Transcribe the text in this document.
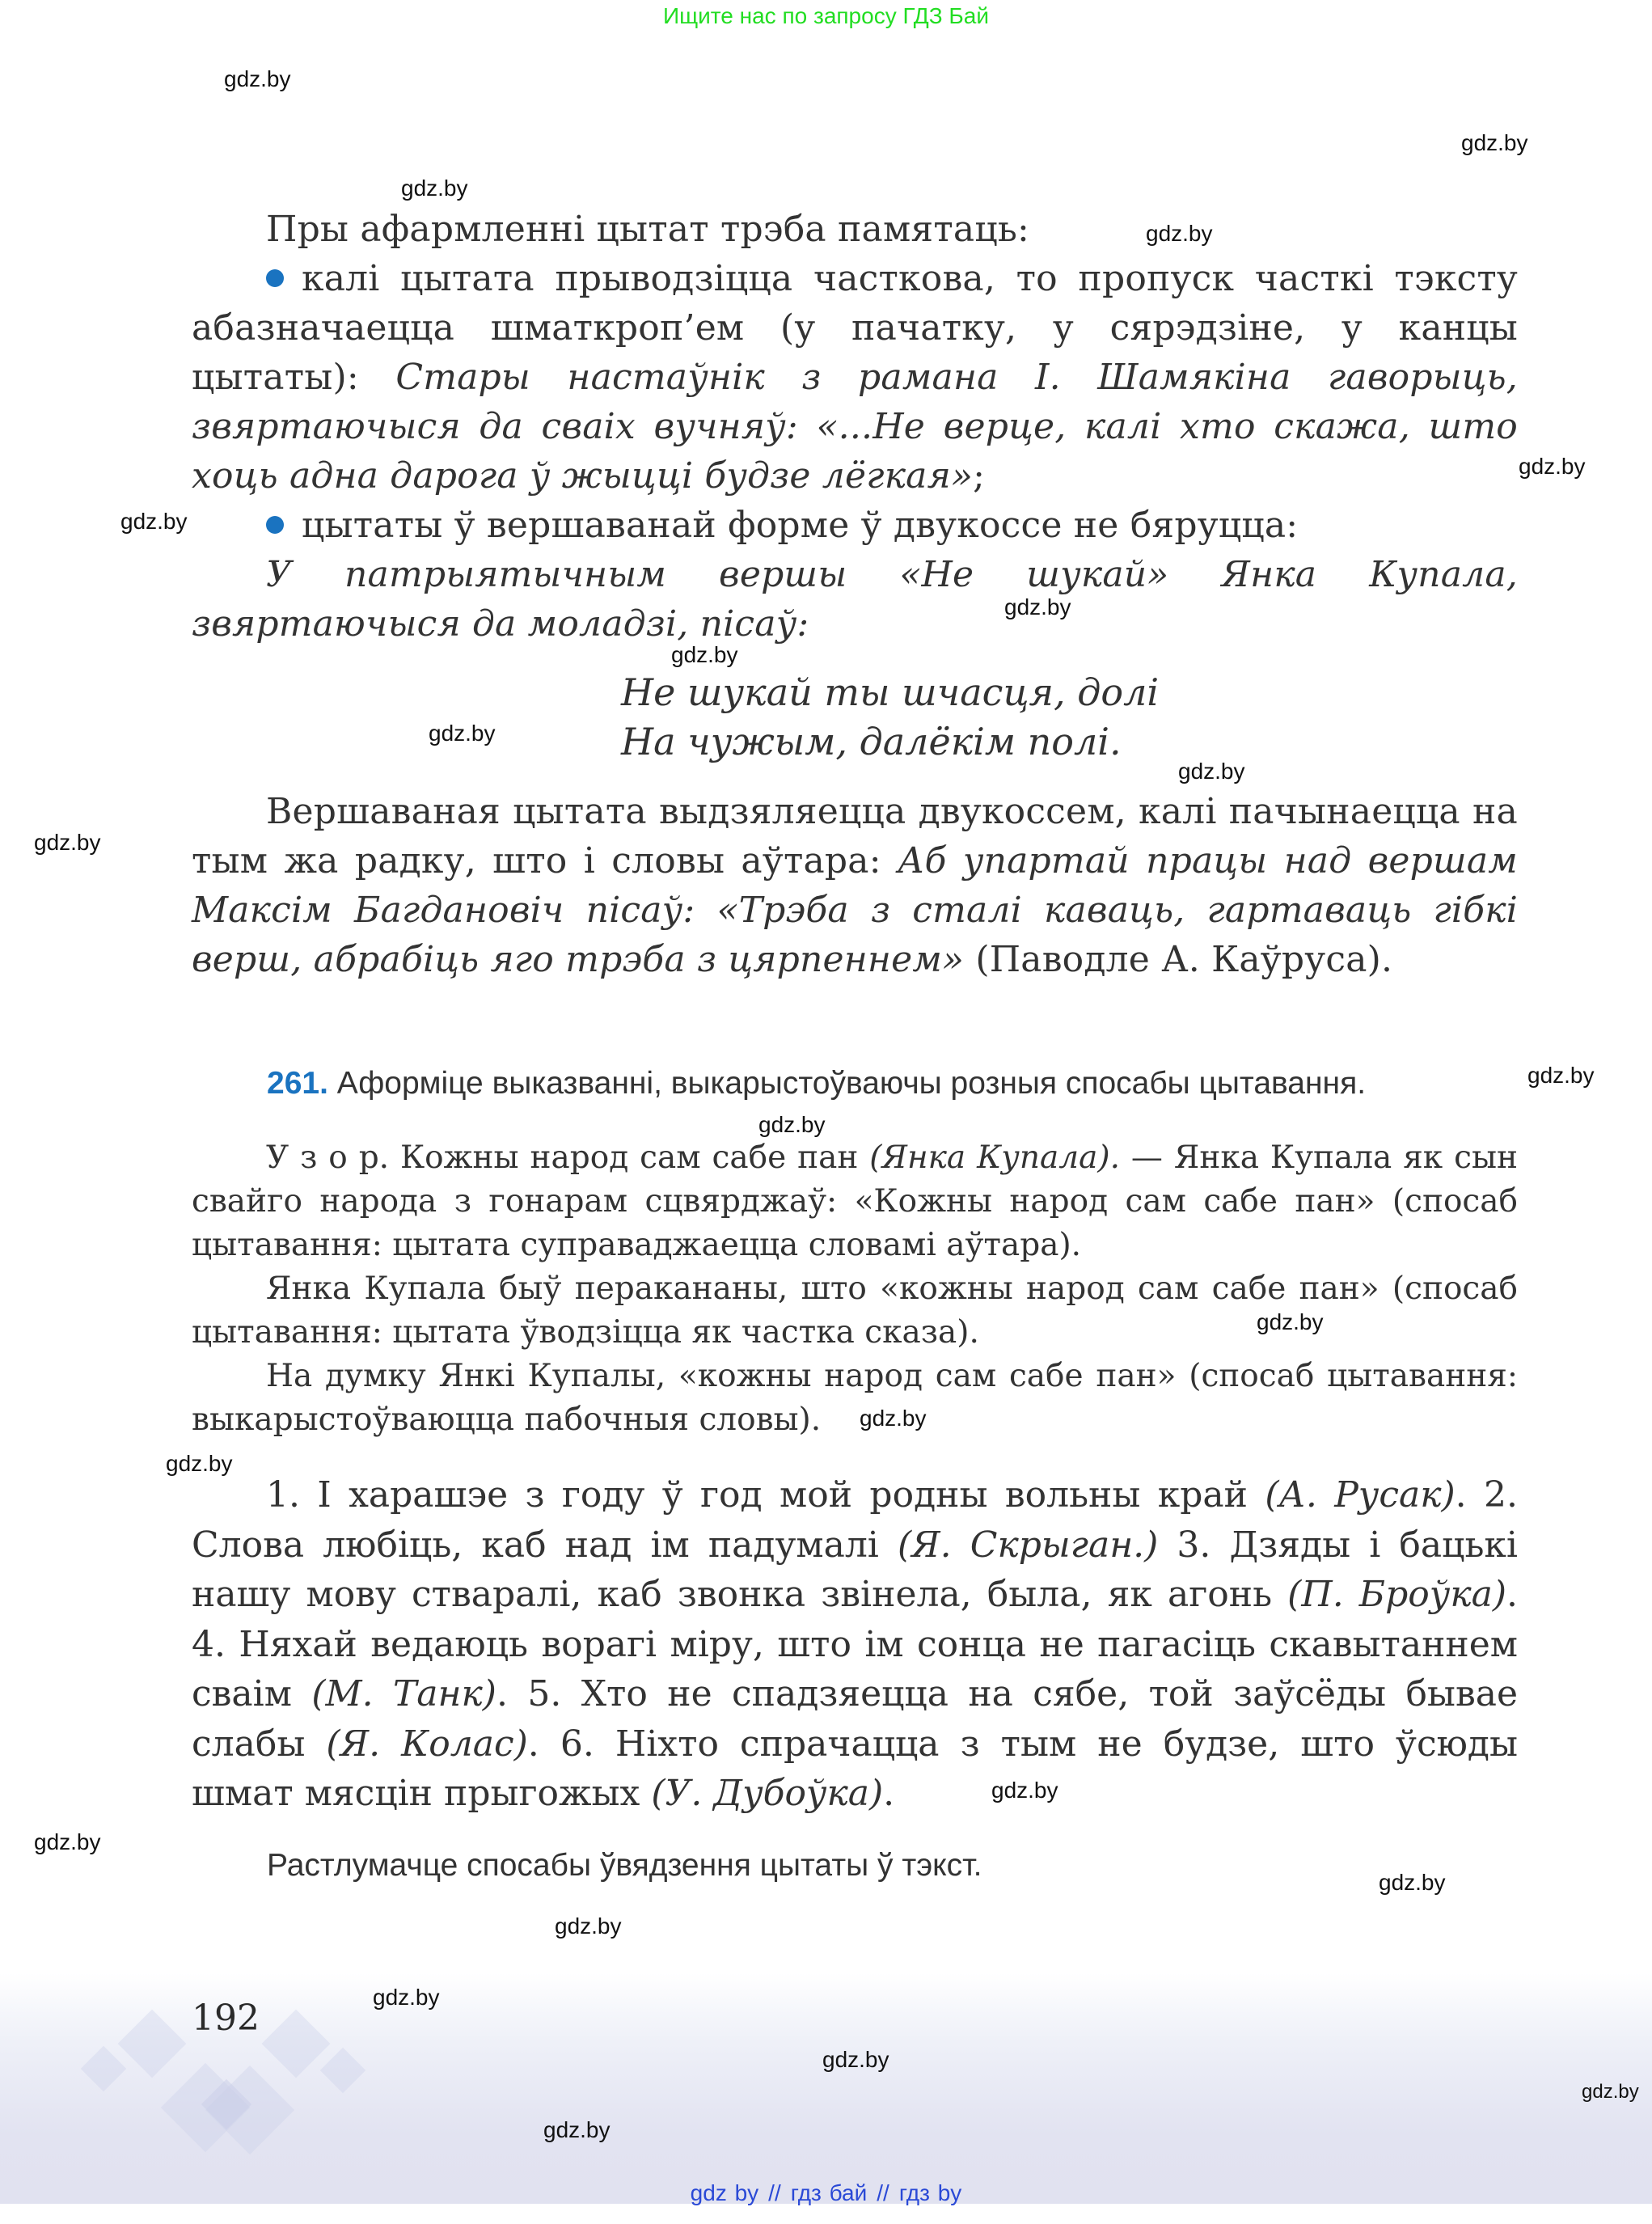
Ищите нас по запросу ГДЗ Бай

Пры афармленні цытат трэба памятаць:

калі цытата прыводзіцца часткова, то пропуск часткі тэксту абазначаецца шматкроп’ем (у пачатку, у сярэдзіне, у канцы цытаты): Стары настаўнік з рамана І. Шамякіна гаворыць, звяртаючыся да сваіх вучняў: «...Не верце, калі хто скажа, што хоць адна дарога ў жыцці будзе лёгкая»;

цытаты ў вершаванай форме ў двукоссе не бяруцца:

У патрыятычным вершы «Не шукай» Янка Купала, звяртаючыся да моладзі, пісаў:

Не шукай ты шчасця, долі
На чужым, далёкім полі.

Вершаваная цытата выдзяляецца двукоссем, калі пачынаецца на тым жа радку, што і словы аўтара: Аб упартай працы над вершам Максім Багдановіч пісаў: «Трэба з сталі каваць, гартаваць гібкі верш, абрабіць яго трэба з цярпеннем» (Паводле А. Каўруса).

261. Аформіце выказванні, выкарыстоўваючы розныя спосабы цытавання.

У з о р. Кожны народ сам сабе пан (Янка Купала). — Янка Купала як сын свайго народа з гонарам сцвярджаў: «Кожны народ сам сабе пан» (спосаб цытавання: цытата суправаджаецца словамі аўтара).

Янка Купала быў перакананы, што «кожны народ сам сабе пан» (спосаб цытавання: цытата ўводзіцца як частка сказа).

На думку Янкі Купалы, «кожны народ сам сабе пан» (спосаб цытавання: выкарыстоўваюцца пабочныя словы).

1. І харашэе з году ў год мой родны вольны край (А. Русак). 2. Слова любіць, каб над ім падумалі (Я. Скрыган.) 3. Дзяды і бацькі нашу мову стваралі, каб звонка звінела, была, як агонь (П. Броўка). 4. Няхай ведаюць ворагі міру, што ім сонца не пагасіць скавытаннем сваім (М. Танк). 5. Хто не спадзяецца на сябе, той заўсёды бывае слабы (Я. Колас). 6. Ніхто спрачацца з тым не будзе, што ўсюды шмат мясцін прыгожых (У. Дубоўка).

Растлумачце спосабы ўвядзення цытаты ў тэкст.
192
gdz.by
gdz.by
gdz.by
gdz.by
gdz.by
gdz.by
gdz.by
gdz.by
gdz.by
gdz.by
gdz.by
gdz.by
gdz.by
gdz.by
gdz.by
gdz.by
gdz.by
gdz.by
gdz.by
gdz.by
gdz.by
gdz.by
gdz.by
gdz.by
gdz by // гдз бай // гдз by
